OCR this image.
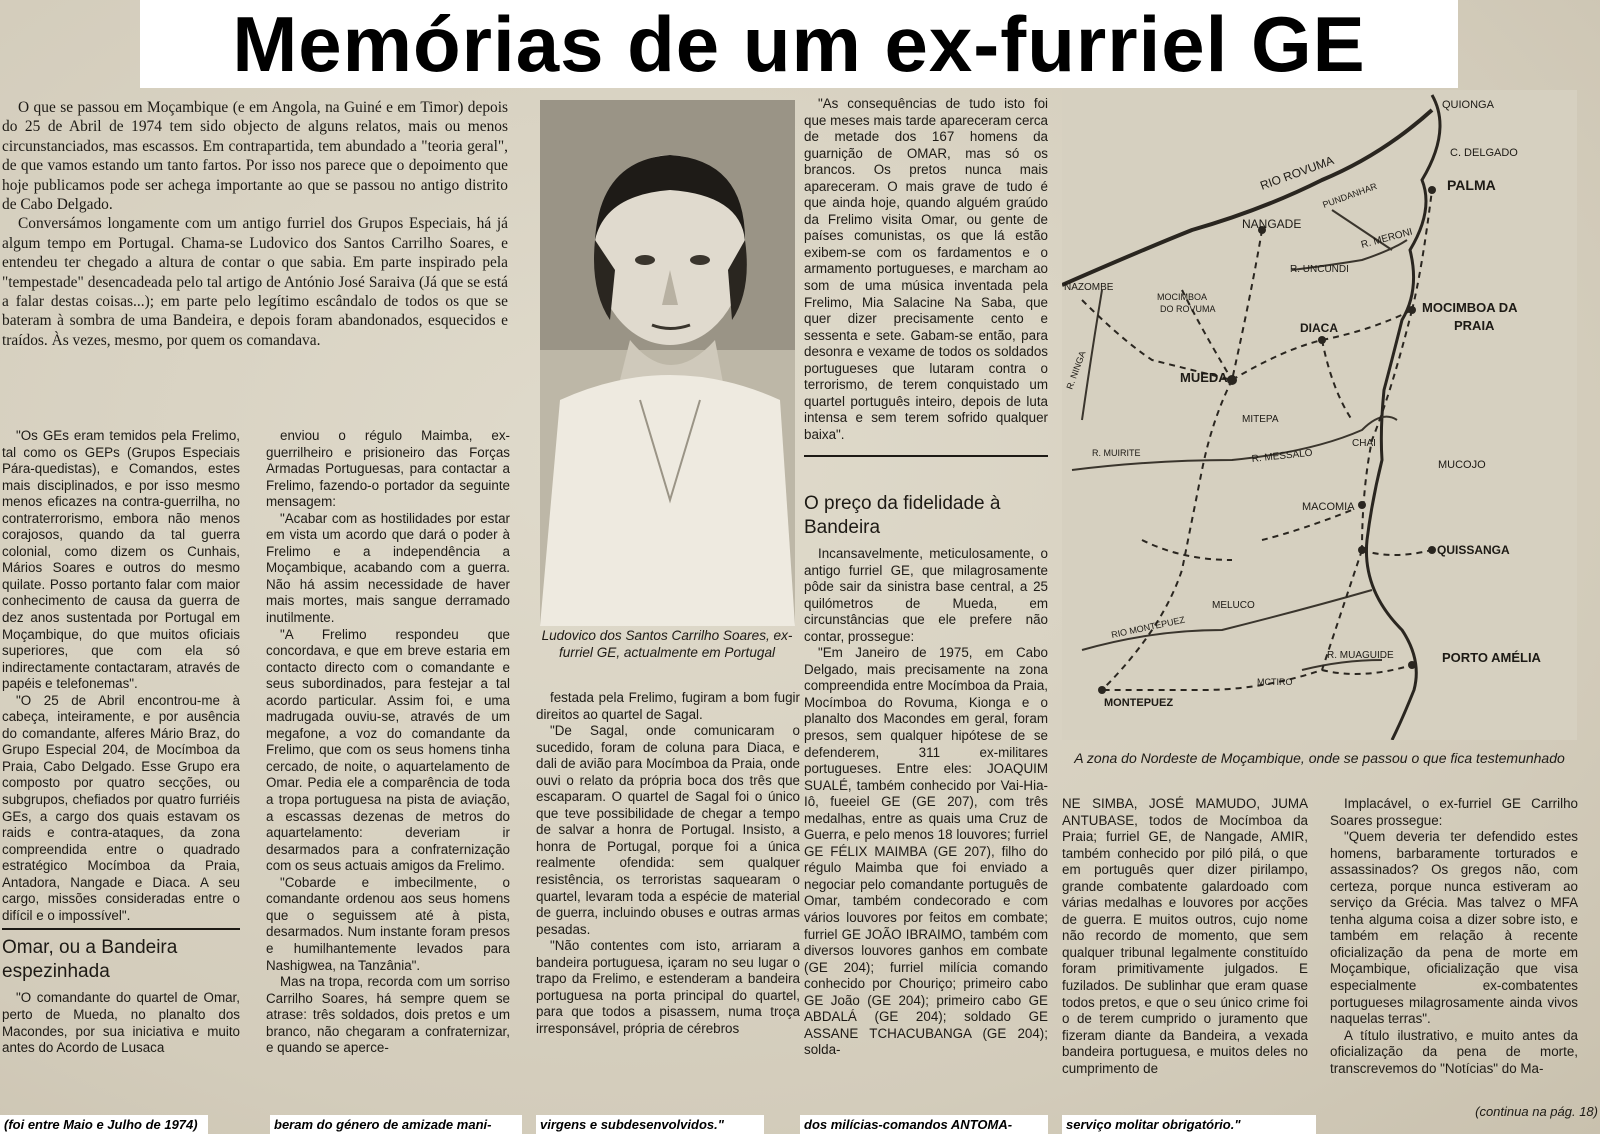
Memórias de um ex-furriel GE

O que se passou em Moçambique (e em Angola, na Guiné e em Timor) depois do 25 de Abril de 1974 tem sido objecto de alguns relatos, mais ou menos circunstanciados, mas escassos. Em contrapartida, tem abundado a "teoria geral", de que vamos estando um tanto fartos. Por isso nos parece que o depoimento que hoje publicamos pode ser achega importante ao que se passou no antigo distrito de Cabo Delgado.

Conversámos longamente com um antigo furriel dos Grupos Especiais, há já algum tempo em Portugal. Chama-se Ludovico dos Santos Carrilho Soares, e entendeu ter chegado a altura de contar o que sabia. Em parte inspirado pela "tempestade" desencadeada pelo tal artigo de António José Saraiva (Já que se está a falar destas coisas...); em parte pelo legítimo escândalo de todos os que se bateram à sombra de uma Bandeira, e depois foram abandonados, esquecidos e traídos. Às vezes, mesmo, por quem os comandava.

"Os GEs eram temidos pela Frelimo, tal como os GEPs (Grupos Especiais Pára-quedistas), e Comandos, estes mais disciplinados, e por isso mesmo menos eficazes na contra-guerrilha, no contraterrorismo, embora não menos corajosos, quando da tal guerra colonial, como dizem os Cunhais, Mários Soares e outros do mesmo quilate. Posso portanto falar com maior conhecimento de causa da guerra de dez anos sustentada por Portugal em Moçambique, do que muitos oficiais superiores, que com ela só indirectamente contactaram, através de papéis e telefonemas".

"O 25 de Abril encontrou-me à cabeça, inteiramente, e por ausência do comandante, alferes Mário Braz, do Grupo Especial 204, de Mocímboa da Praia, Cabo Delgado. Esse Grupo era composto por quatro secções, ou subgrupos, chefiados por quatro furriéis GEs, a cargo dos quais estavam os raids e contra-ataques, da zona compreendida entre o quadrado estratégico Mocímboa da Praia, Antadora, Nangade e Diaca. A seu cargo, missões consideradas entre o difícil e o impossível".

Omar, ou a Bandeira espezinhada

"O comandante do quartel de Omar, perto de Mueda, no planalto dos Macondes, por sua iniciativa e muito antes do Acordo de Lusaca

enviou o régulo Maimba, ex-guerrilheiro e prisioneiro das Forças Armadas Portuguesas, para contactar a Frelimo, fazendo-o portador da seguinte mensagem:

"Acabar com as hostilidades por estar em vista um acordo que dará o poder à Frelimo e a independência a Moçambique, acabando com a guerra. Não há assim necessidade de haver mais mortes, mais sangue derramado inutilmente.

"A Frelimo respondeu que concordava, e que em breve estaria em contacto directo com o comandante e seus subordinados, para festejar a tal acordo particular. Assim foi, e uma madrugada ouviu-se, através de um megafone, a voz do comandante da Frelimo, que com os seus homens tinha cercado, de noite, o aquartelamento de Omar. Pedia ele a comparência de toda a tropa portuguesa na pista de aviação, a escassas dezenas de metros do aquartelamento: deveriam ir desarmados para a confraternização com os seus actuais amigos da Frelimo.

"Cobarde e imbecilmente, o comandante ordenou aos seus homens que o seguissem até à pista, desarmados. Num instante foram presos e humilhantemente levados para Nashigwea, na Tanzânia".

Mas na tropa, recorda com um sorriso Carrilho Soares, há sempre quem se atrase: três soldados, dois pretos e um branco, não chegaram a confraternizar, e quando se aperce-

Ludovico dos Santos Carrilho Soares, ex-furriel GE, actualmente em Portugal

festada pela Frelimo, fugiram a bom fugir direitos ao quartel de Sagal.

"De Sagal, onde comunicaram o sucedido, foram de coluna para Diaca, e dali de avião para Mocímboa da Praia, onde ouvi o relato da própria boca dos três que escaparam. O quartel de Sagal foi o único que teve possibilidade de chegar a tempo de salvar a honra de Portugal. Insisto, a honra de Portugal, porque foi a única realmente ofendida: sem qualquer resistência, os terroristas saquearam o quartel, levaram toda a espécie de material de guerra, incluindo obuses e outras armas pesadas.

"Não contentes com isto, arriaram a bandeira portuguesa, içaram no seu lugar o trapo da Frelimo, e estenderam a bandeira portuguesa na porta principal do quartel, para que todos a pisassem, numa troça irresponsável, própria de cérebros

"As consequências de tudo isto foi que meses mais tarde apareceram cerca de metade dos 167 homens da guarnição de OMAR, mas só os brancos. Os pretos nunca mais apareceram. O mais grave de tudo é que ainda hoje, quando alguém graúdo da Frelimo visita Omar, ou gente de países comunistas, os que lá estão exibem-se com os fardamentos e o armamento portugueses, e marcham ao som de uma música inventada pela Frelimo, Mia Salacine Na Saba, que quer dizer precisamente cento e sessenta e sete. Gabam-se então, para desonra e vexame de todos os soldados portugueses que lutaram contra o terrorismo, de terem conquistado um quartel português inteiro, depois de luta intensa e sem terem sofrido qualquer baixa".

O preço da fidelidade à Bandeira

Incansavelmente, meticulosamente, o antigo furriel GE, que milagrosamente pôde sair da sinistra base central, a 25 quilómetros de Mueda, em circunstâncias que ele prefere não contar, prossegue:

"Em Janeiro de 1975, em Cabo Delgado, mais precisamente na zona compreendida entre Mocímboa da Praia, Mocímboa do Rovuma, Kionga e o planalto dos Macondes em geral, foram presos, sem qualquer hipótese de se defenderem, 311 ex-militares portugueses. Entre eles: JOAQUIM SUALÉ, também conhecido por Vai-Hia-Iô, fueeiel GE (GE 207), com três medalhas, entre as quais uma Cruz de Guerra, e pelo menos 18 louvores; furriel GE FÉLIX MAIMBA (GE 207), filho do régulo Maimba que foi enviado a negociar pelo comandante português de Omar, também condecorado e com vários louvores por feitos em combate; furriel GE JOÃO IBRAIMO, também com diversos louvores ganhos em combate (GE 204); furriel milícia comando conhecido por Chouriço; primeiro cabo GE João (GE 204); primeiro cabo GE ABDALÁ (GE 204); soldado GE ASSANE TCHACUBANGA (GE 204); solda-

QUIONGA
C. DELGADO
PALMA
RIO ROVUMA
PUNDANHAR
NANGADE
R. MERONI
NAZOMBE
MOCIMBOA
DO ROVUMA
R. UNCUNDI
MOCIMBOA DA
PRAIA
R. NINGA
DIACA
MUEDA
MITEPA
R. MUIRITE	R. MESSALO
CHAI
MUCOJO
MACOMIA
QUISSANGA
MELUCO
RIO MONTEPUEZ
R. MUAGUIDE	PORTO AMÉLIA
MONTEPUEZ
MCTIRO
A zona do Nordeste de Moçambique, onde se passou o que fica testemunhado

NE SIMBA, JOSÉ MAMUDO, JUMA ANTUBASE, todos de Mocímboa da Praia; furriel GE, de Nangade, AMIR, também conhecido por piló pilá, o que em português quer dizer pirilampo, grande combatente galardoado com várias medalhas e louvores por acções de guerra. E muitos outros, cujo nome não recordo de momento, que sem qualquer tribunal legalmente constituído foram primitivamente julgados. E fuzilados. De sublinhar que eram quase todos pretos, e que o seu único crime foi o de terem cumprido o juramento que fizeram diante da Bandeira, a vexada bandeira portuguesa, e muitos deles no cumprimento de

Implacável, o ex-furriel GE Carrilho Soares prossegue:

"Quem deveria ter defendido estes homens, barbaramente torturados e assassinados? Os gregos não, com certeza, porque nunca estiveram ao serviço da Grécia. Mas talvez o MFA tenha alguma coisa a dizer sobre isto, e também em relação à recente oficialização da pena de morte em Moçambique, oficialização que visa especialmente ex-combatentes portugueses milagrosamente ainda vivos naquelas terras".

A título ilustrativo, e muito antes da oficialização da pena de morte, transcrevemos do "Notícias" do Ma-

(continua na pág. 18)
(foi entre Maio e Julho de 1974)	beram do género de amizade mani-	virgens e subdesenvolvidos."	dos milícias-comandos ANTOMA-	serviço molitar obrigatório."
